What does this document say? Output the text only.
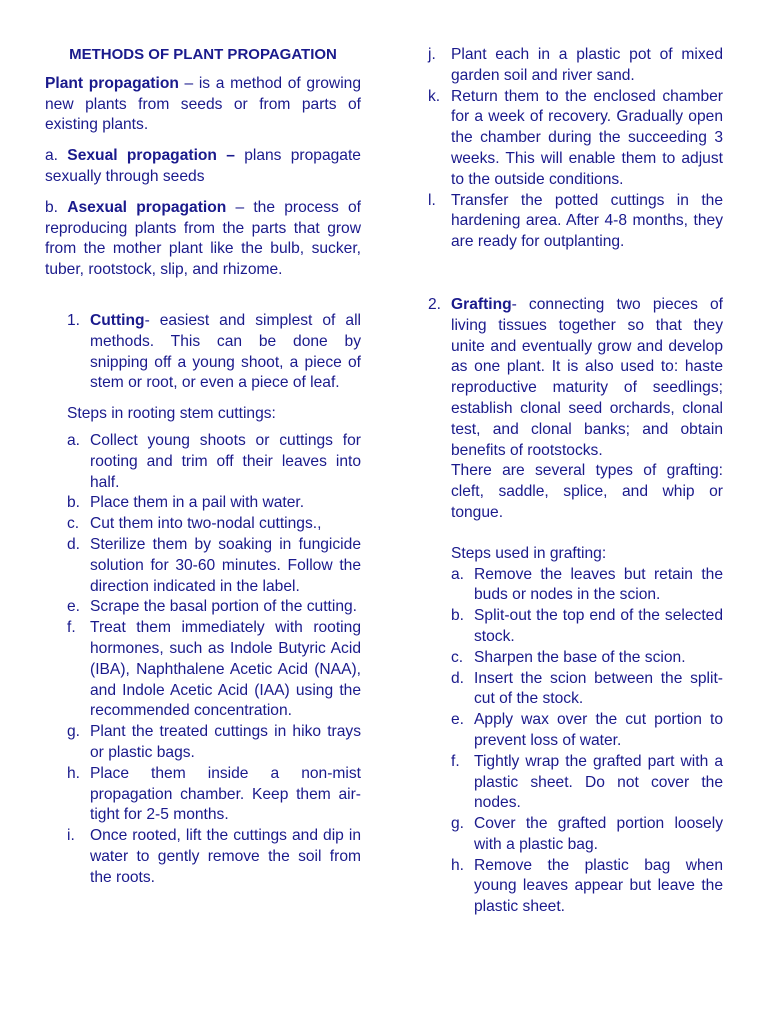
METHODS OF PLANT PROPAGATION

Plant propagation – is a method of growing new plants from seeds or from parts of existing plants.

a. Sexual propagation – plans propagate sexually through seeds

b. Asexual propagation – the process of reproducing plants from the parts that grow from the mother plant like the bulb, sucker, tuber, rootstock, slip, and rhizome.

1. Cutting- easiest and simplest of all methods. This can be done by snipping off a young shoot, a piece of stem or root, or even a piece of leaf.

Steps in rooting stem cuttings:

a. Collect young shoots or cuttings for rooting and trim off their leaves into half.
b. Place them in a pail with water.
c. Cut them into two-nodal cuttings.,
d. Sterilize them by soaking in fungicide solution for 30-60 minutes. Follow the direction indicated in the label.
e. Scrape the basal portion of the cutting.
f. Treat them immediately with rooting hormones, such as Indole Butyric Acid (IBA), Naphthalene Acetic Acid (NAA), and Indole Acetic Acid (IAA) using the recommended concentration.
g. Plant the treated cuttings in hiko trays or plastic bags.
h. Place them inside a non-mist propagation chamber. Keep them air-tight for 2-5 months.
i. Once rooted, lift the cuttings and dip in water to gently remove the soil from the roots.
j. Plant each in a plastic pot of mixed garden soil and river sand.
k. Return them to the enclosed chamber for a week of recovery. Gradually open the chamber during the succeeding 3 weeks. This will enable them to adjust to the outside conditions.
l. Transfer the potted cuttings in the hardening area. After 4-8 months, they are ready for outplanting.
2. Grafting- connecting two pieces of living tissues together so that they unite and eventually grow and develop as one plant. It is also used to: haste reproductive maturity of seedlings; establish clonal seed orchards, clonal test, and clonal banks; and obtain benefits of rootstocks.
There are several types of grafting: cleft, saddle, splice, and whip or tongue.
Steps used in grafting:
a. Remove the leaves but retain the buds or nodes in the scion.
b. Split-out the top end of the selected stock.
c. Sharpen the base of the scion.
d. Insert the scion between the split-cut of the stock.
e. Apply wax over the cut portion to prevent loss of water.
f. Tightly wrap the grafted part with a plastic sheet. Do not cover the nodes.
g. Cover the grafted portion loosely with a plastic bag.
h. Remove the plastic bag when young leaves appear but leave the plastic sheet.
